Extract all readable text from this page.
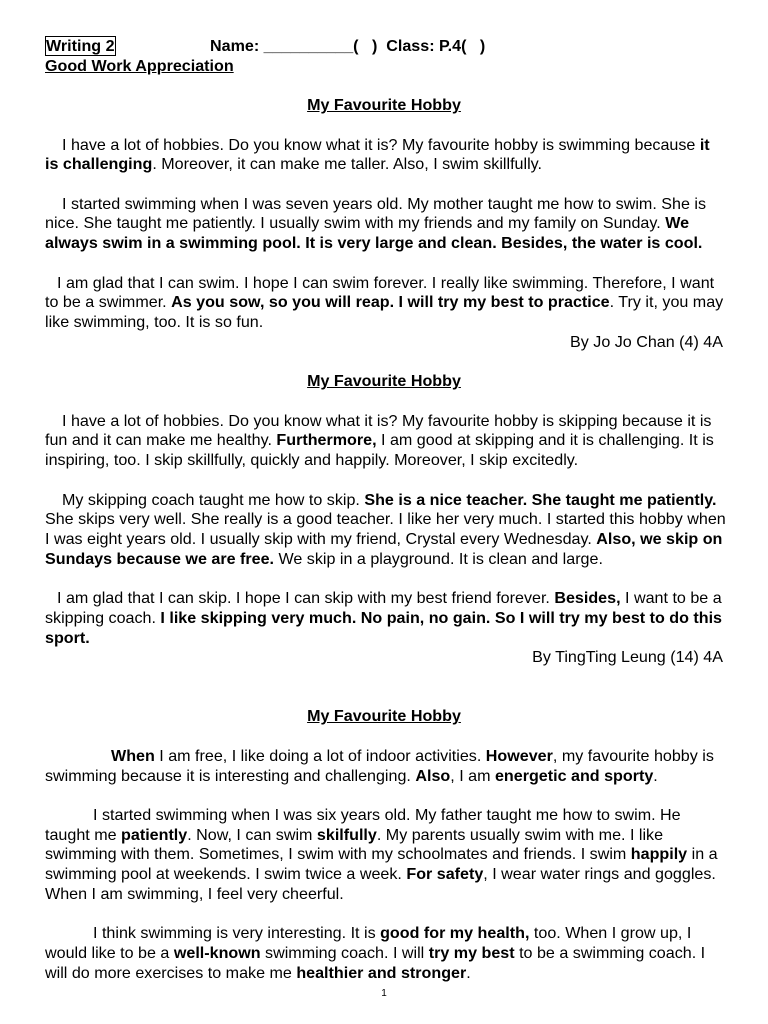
Writing 2	Name: __________(   )  Class: P.4(   )
Good Work Appreciation
My Favourite Hobby
I have a lot of hobbies. Do you know what it is? My favourite hobby is swimming because it
is challenging. Moreover, it can make me taller. Also, I swim skillfully.
I started swimming when I was seven years old. My mother taught me how to swim. She is
nice. She taught me patiently. I usually swim with my friends and my family on Sunday. We
always swim in a swimming pool. It is very large and clean. Besides, the water is cool.
I am glad that I can swim. I hope I can swim forever. I really like swimming. Therefore, I want
to be a swimmer. As you sow, so you will reap. I will try my best to practice. Try it, you may
like swimming, too. It is so fun.
By Jo Jo Chan (4) 4A
My Favourite Hobby
I have a lot of hobbies. Do you know what it is? My favourite hobby is skipping because it is
fun and it can make me healthy. Furthermore, I am good at skipping and it is challenging. It is
inspiring, too. I skip skillfully, quickly and happily. Moreover, I skip excitedly.
My skipping coach taught me how to skip. She is a nice teacher. She taught me patiently.
She skips very well. She really is a good teacher. I like her very much. I started this hobby when
I was eight years old. I usually skip with my friend, Crystal every Wednesday. Also, we skip on
Sundays because we are free. We skip in a playground. It is clean and large.
I am glad that I can skip. I hope I can skip with my best friend forever. Besides, I want to be a
skipping coach. I like skipping very much. No pain, no gain. So I will try my best to do this
sport.
By TingTing Leung (14) 4A
My Favourite Hobby
When I am free, I like doing a lot of indoor activities. However, my favourite hobby is
swimming because it is interesting and challenging. Also, I am energetic and sporty.
I started swimming when I was six years old. My father taught me how to swim. He
taught me patiently. Now, I can swim skilfully. My parents usually swim with me. I like
swimming with them. Sometimes, I swim with my schoolmates and friends. I swim happily in a
swimming pool at weekends. I swim twice a week. For safety, I wear water rings and goggles.
When I am swimming, I feel very cheerful.
I think swimming is very interesting. It is good for my health, too. When I grow up, I
would like to be a well-known swimming coach. I will try my best to be a swimming coach. I
will do more exercises to make me healthier and stronger.
1
